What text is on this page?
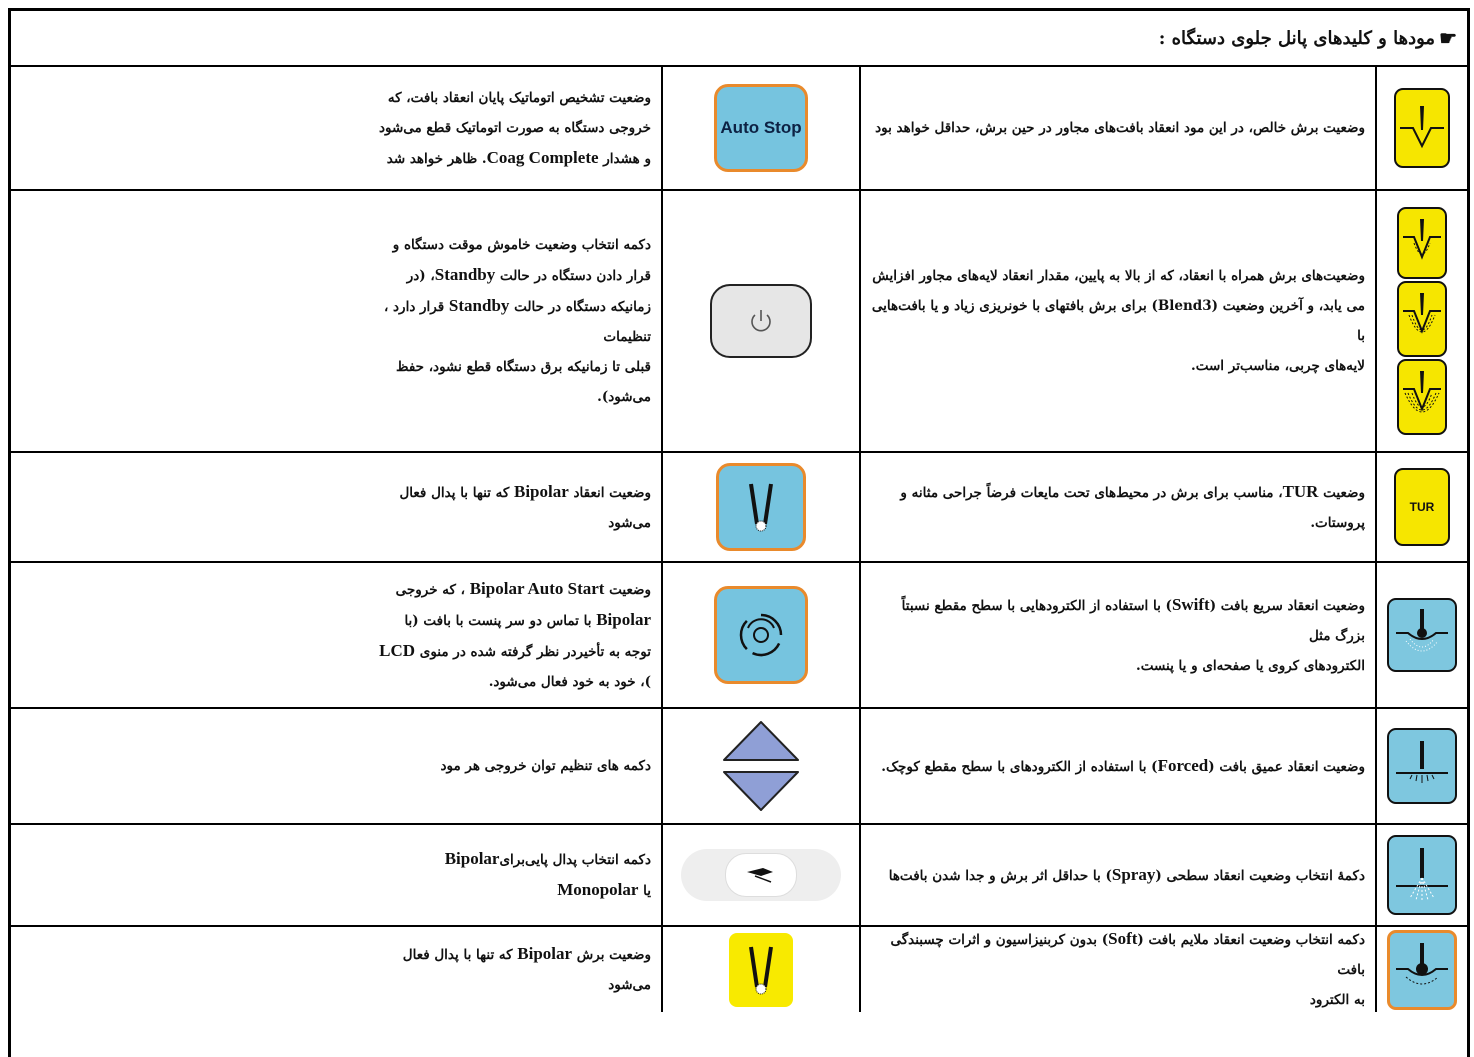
☛
مودها و کلیدهای پانل جلوی دستگاه :
وضعیت برش خالص، در این مود انعقاد بافت‌های مجاور در حین برش، حداقل خواهد بود
Auto Stop
وضعیت تشخیص اتوماتیک پایان انعقاد بافت، که
خروجی دستگاه به صورت اتوماتیک قطع می‌شود
و هشدار Coag Complete. ظاهر خواهد شد
وضعیت‌های برش همراه با انعقاد، که از بالا به پایین، مقدار انعقاد لایه‌های مجاور افزایش
می یابد، و آخرین وضعیت (Blend3) برای برش بافتهای با خونریزی زیاد و یا بافت‌هایی با
لایه‌های چربی، مناسب‌تر است.
دکمه انتخاب وضعیت خاموش موقت دستگاه و
قرار دادن دستگاه در حالت Standby، (در
زمانیکه دستگاه در حالت Standby قرار دارد ،
تنظیمات
قبلی تا زمانیکه برق دستگاه قطع نشود، حفظ
می‌شود).
TUR
وضعیت TUR، مناسب برای برش در محیط‌های تحت مایعات فرضاً جراحی مثانه و
پروستات.
وضعیت انعقاد Bipolar که تنها با پدال فعال
می‌شود
وضعیت انعقاد سریع بافت (Swift) با استفاده از الکترودهایی با سطح مقطع نسبتاً بزرگ مثل
الکترودهای کروی یا صفحه‌ای و یا پنست.
وضعیت Bipolar Auto Start ، که خروجی
Bipolar با تماس دو سر پنست با بافت (با
توجه به تأخیردر نظر گرفته شده در منوی LCD
)، خود به خود فعال می‌شود.
وضعیت انعقاد عمیق بافت (Forced) با استفاده از الکترودهای با سطح مقطع کوچک.
دکمه های تنظیم توان خروجی هر مود
دکمهٔ انتخاب وضعیت انعقاد سطحی (Spray) با حداقل اثر برش و جدا شدن بافت‌ها
دکمه انتخاب پدال پایی‌برایBipolar
یا Monopolar
دکمه انتخاب وضعیت انعقاد ملایم بافت (Soft) بدون کربنیزاسیون و اثرات چسبندگی بافت
به الکترود
وضعیت برش Bipolar که تنها با پدال فعال
می‌شود
